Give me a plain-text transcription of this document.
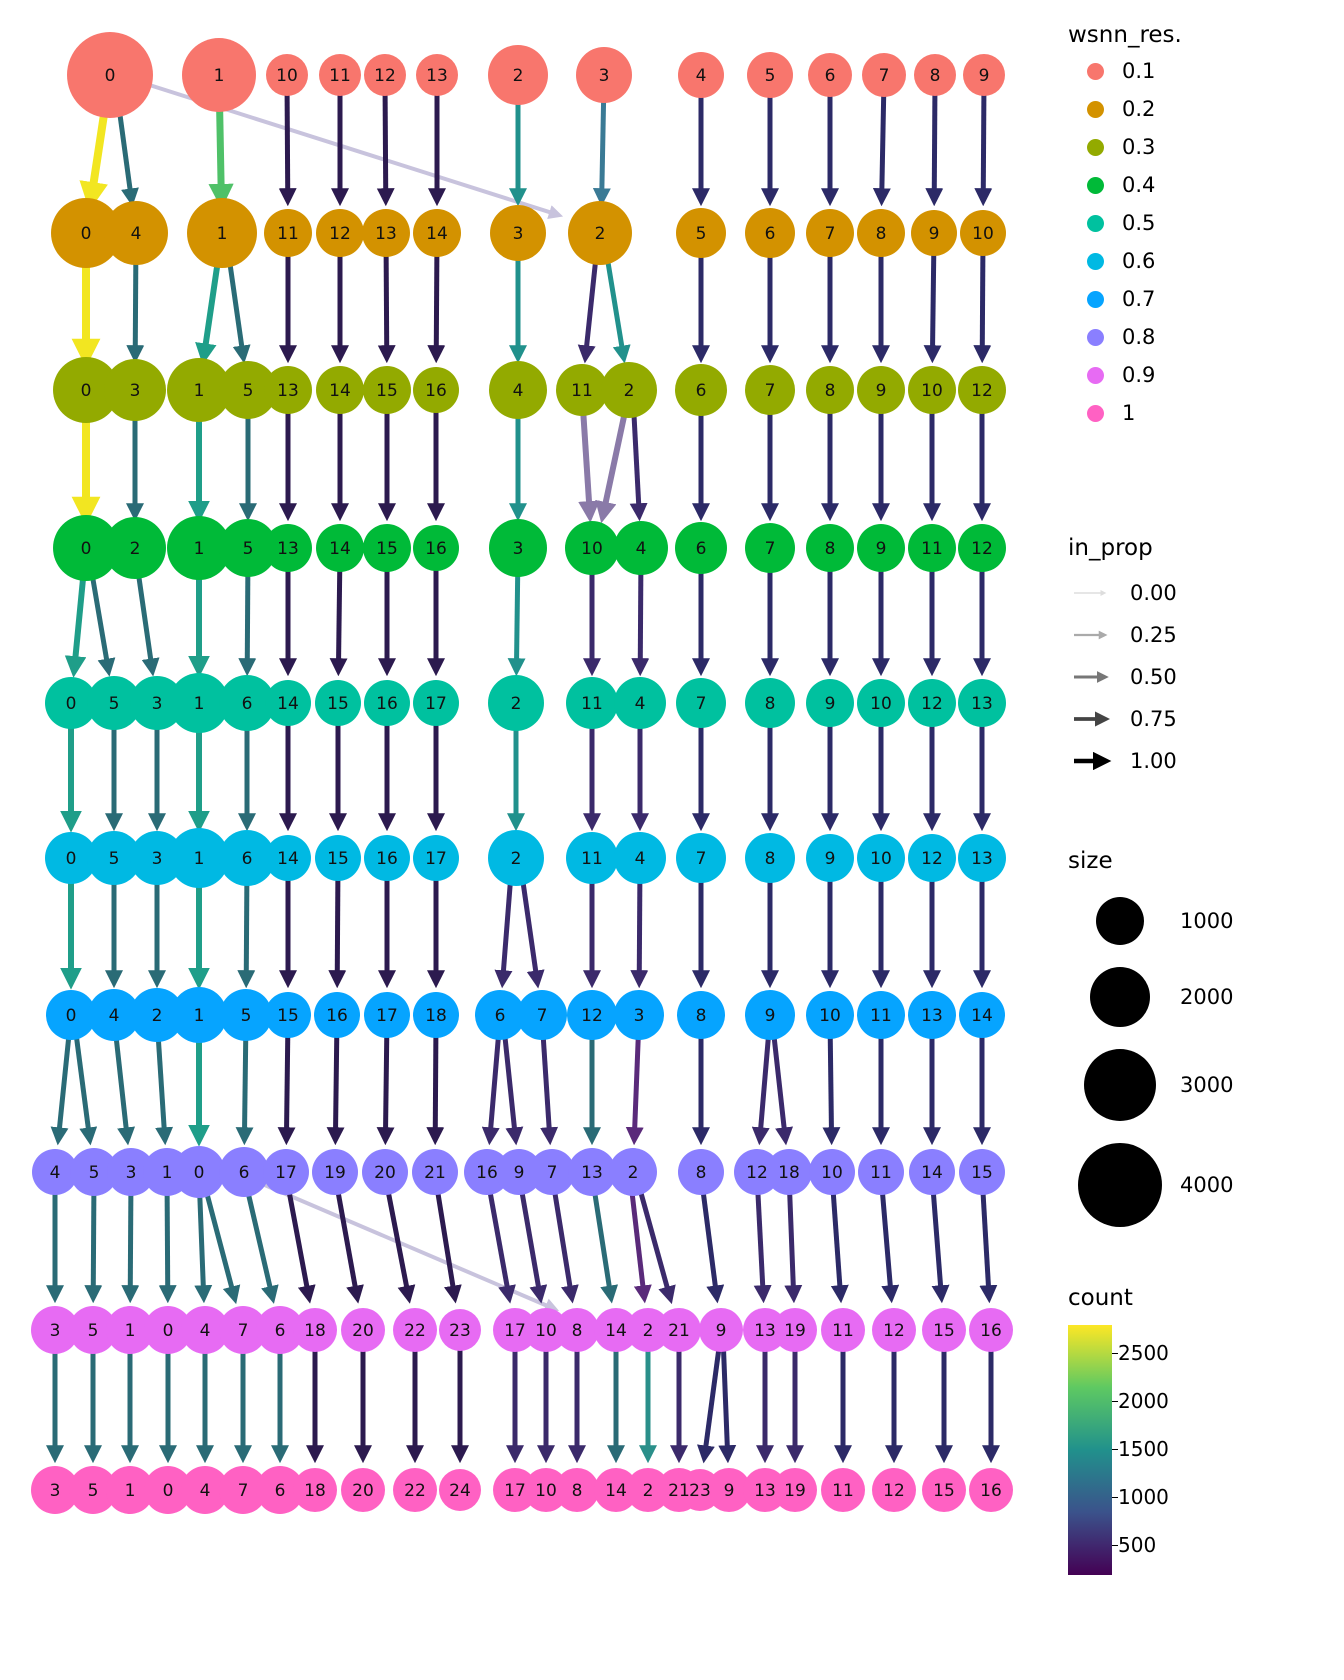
0	1	10 11 12 13	2	3	4	5	6	7 8 9
0 4	1	11 12 13 14	3	2	5	6	7 8 9 10
0 3	1 5 13 14 15 16	4	11 2	6	7	8 9 10 12
0 2	1 5 13 14 15 16	3	10 4	6	7	8 9 11 12
0 5 3 1 6 14 15 16 17	2	11 4	7	8	9 10 12 13
0 5 3 1 6 14 15 16 17	2	11 4	7	8	9 10 12 13
0 4 2 1 5 15 16 17 18	6 7 12 3	8	9	10 11 13 14
4 5 3 1 0 6 17 19 20 21 16 9 7 13 2	8 12 18 10 11 14 15
3 5 1 0 4 7 6 18 20 22 23 17 10 8 14 2 21 9 13 19 11 12 15 16
3 5 1 0 4 7 6 18 20 22 24 17 10 8 14 2 21 23 9 13 19 11 12 15 16
wsnn_res.
0.1
0.2
0.3
0.4
0.5
0.6
0.7
0.8
0.9
1
in_prop
0.00
0.25
0.50
0.75
1.00
size
1000
2000
3000
4000
count
2500
2000
1500
1000
500
